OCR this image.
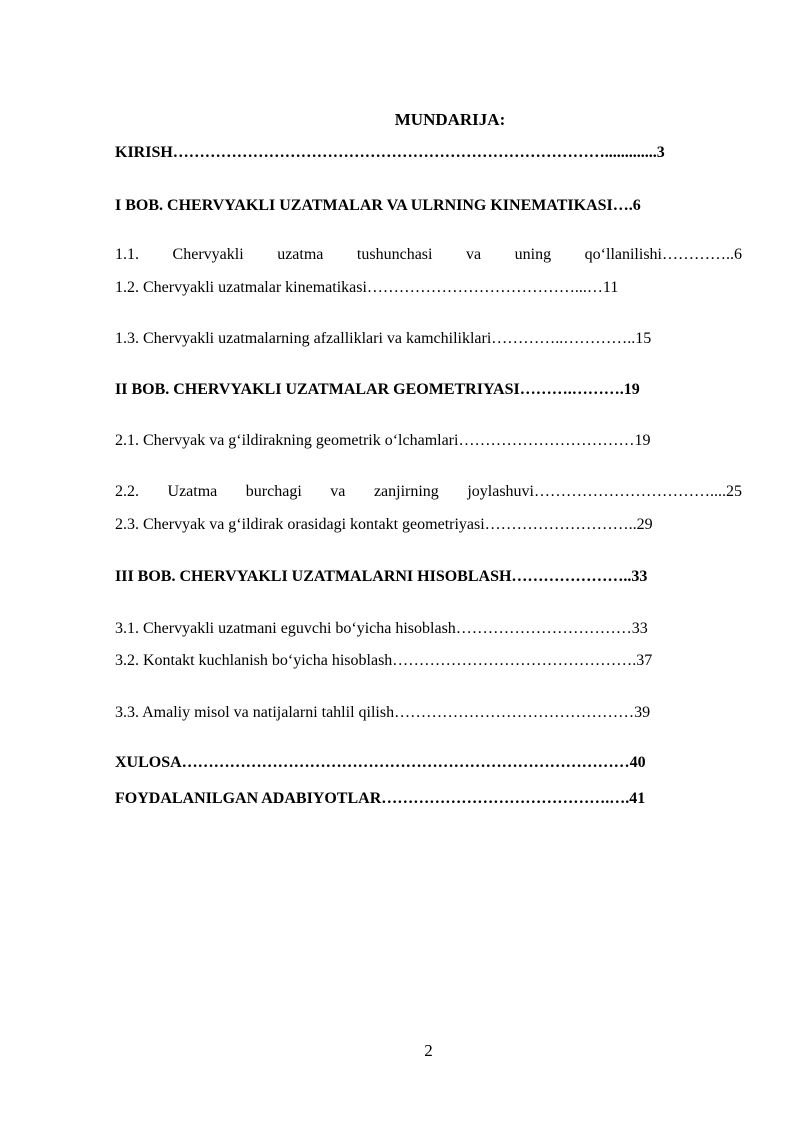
MUNDARIJA:
KIRISH……………………………………………………………………….............3
I BOB. CHERVYAKLI UZATMALAR VA ULRNING KINEMATIKASI….6
1.1. Chervyakli uzatma tushunchasi va uning qo‘llanilishi…………..6
1.2. Chervyakli uzatmalar kinematikasi…………………………………...…11
1.3. Chervyakli uzatmalarning afzalliklari va kamchiliklari…………..…………..15
II BOB. CHERVYAKLI UZATMALAR GEOMETRIYASI……….……….19
2.1. Chervyak va g‘ildirakning geometrik o‘lchamlari……………………………19
2.2. Uzatma burchagi va zanjirning joylashuvi……………………………....25
2.3. Chervyak va g‘ildirak orasidagi kontakt geometriyasi………………………..29
III BOB. CHERVYAKLI UZATMALARNI HISOBLASH…………………..33
3.1. Chervyakli uzatmani eguvchi bo‘yicha hisoblash……………………………33
3.2. Kontakt kuchlanish bo‘yicha hisoblash……………………………………….37
3.3. Amaliy misol va natijalarni tahlil qilish………………………………………39
XULOSA…………………………………………………………………………40
FOYDALANILGAN ADABIYOTLAR…………………………………….….41
2
